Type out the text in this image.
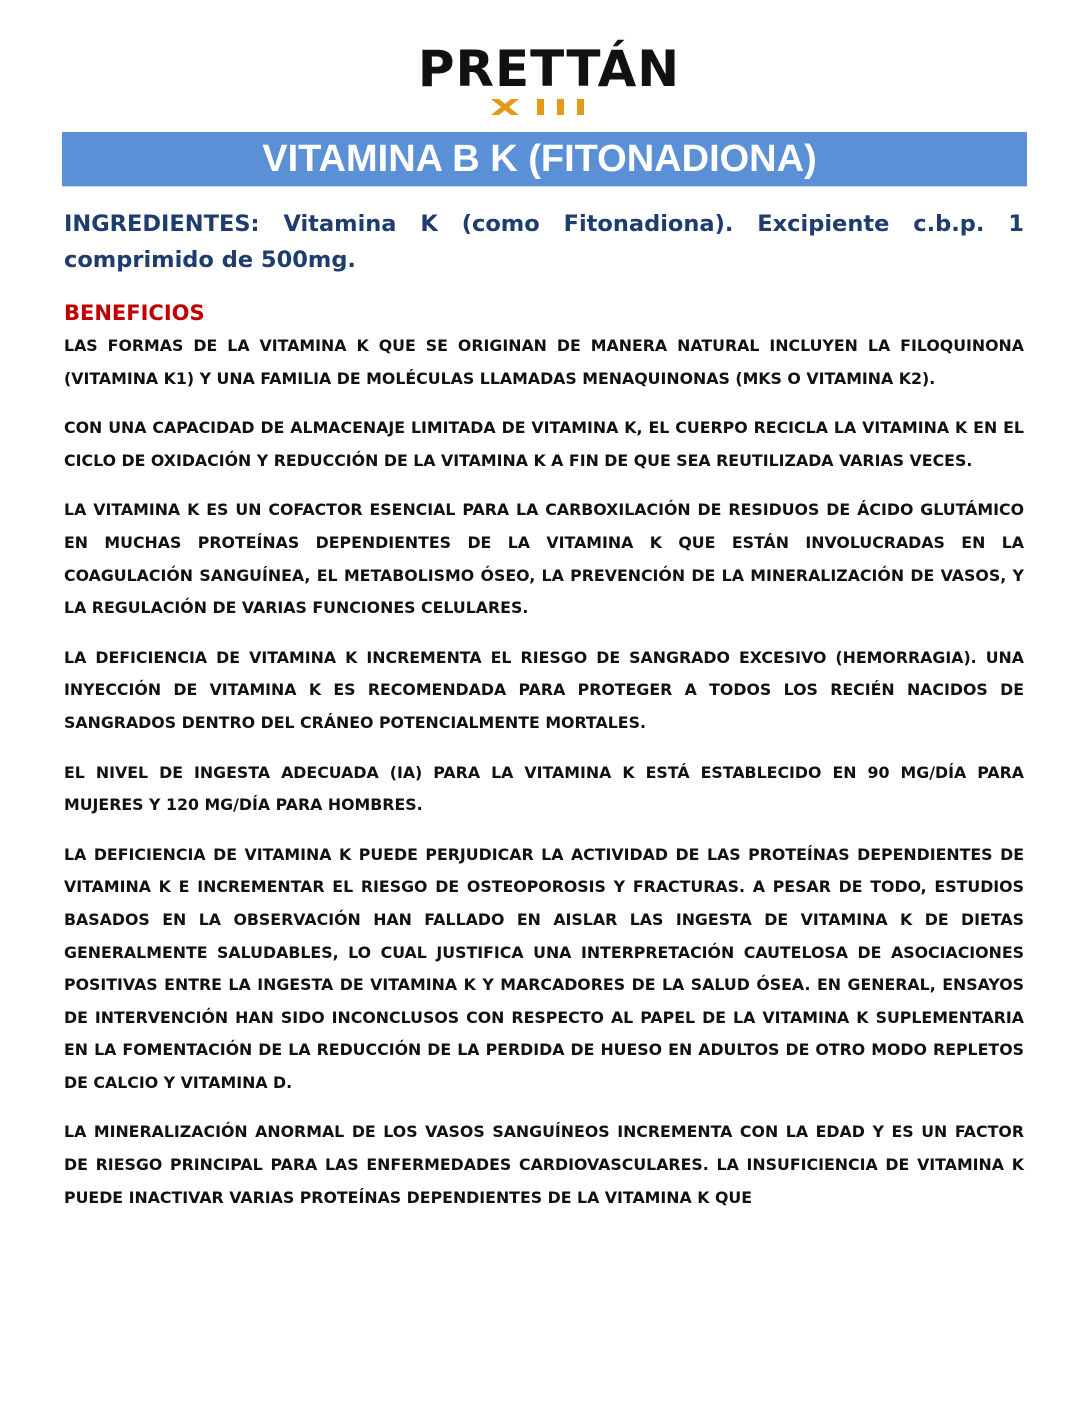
PRETTÁN
VITAMINA B K (FITONADIONA)

INGREDIENTES: Vitamina K (como Fitonadiona). Excipiente c.b.p. 1 comprimido de 500mg.

BENEFICIOS

LAS FORMAS DE LA VITAMINA K QUE SE ORIGINAN DE MANERA NATURAL INCLUYEN LA FILOQUINONA (VITAMINA K1) Y UNA FAMILIA DE MOLÉCULAS LLAMADAS MENAQUINONAS (MKS O VITAMINA K2).

CON UNA CAPACIDAD DE ALMACENAJE LIMITADA DE VITAMINA K, EL CUERPO RECICLA LA VITAMINA K EN EL CICLO DE OXIDACIÓN Y REDUCCIÓN DE LA VITAMINA K A FIN DE QUE SEA REUTILIZADA VARIAS VECES.

LA VITAMINA K ES UN COFACTOR ESENCIAL PARA LA CARBOXILACIÓN DE RESIDUOS DE ÁCIDO GLUTÁMICO EN MUCHAS PROTEÍNAS DEPENDIENTES DE LA VITAMINA K QUE ESTÁN INVOLUCRADAS EN LA COAGULACIÓN SANGUÍNEA, EL METABOLISMO ÓSEO, LA PREVENCIÓN DE LA MINERALIZACIÓN DE VASOS, Y LA REGULACIÓN DE VARIAS FUNCIONES CELULARES.

LA DEFICIENCIA DE VITAMINA K INCREMENTA EL RIESGO DE SANGRADO EXCESIVO (HEMORRAGIA). UNA INYECCIÓN DE VITAMINA K ES RECOMENDADA PARA PROTEGER A TODOS LOS RECIÉN NACIDOS DE SANGRADOS DENTRO DEL CRÁNEO POTENCIALMENTE MORTALES.

EL NIVEL DE INGESTA ADECUADA (IA) PARA LA VITAMINA K ESTÁ ESTABLECIDO EN 90 MG/DÍA PARA MUJERES Y 120 MG/DÍA PARA HOMBRES.

LA DEFICIENCIA DE VITAMINA K PUEDE PERJUDICAR LA ACTIVIDAD DE LAS PROTEÍNAS DEPENDIENTES DE VITAMINA K E INCREMENTAR EL RIESGO DE OSTEOPOROSIS Y FRACTURAS. A PESAR DE TODO, ESTUDIOS BASADOS EN LA OBSERVACIÓN HAN FALLADO EN AISLAR LAS INGESTA DE VITAMINA K DE DIETAS GENERALMENTE SALUDABLES, LO CUAL JUSTIFICA UNA INTERPRETACIÓN CAUTELOSA DE ASOCIACIONES POSITIVAS ENTRE LA INGESTA DE VITAMINA K Y MARCADORES DE LA SALUD ÓSEA. EN GENERAL, ENSAYOS DE INTERVENCIÓN HAN SIDO INCONCLUSOS CON RESPECTO AL PAPEL DE LA VITAMINA K SUPLEMENTARIA EN LA FOMENTACIÓN DE LA REDUCCIÓN DE LA PERDIDA DE HUESO EN ADULTOS DE OTRO MODO REPLETOS DE CALCIO Y VITAMINA D.

LA MINERALIZACIÓN ANORMAL DE LOS VASOS SANGUÍNEOS INCREMENTA CON LA EDAD Y ES UN FACTOR DE RIESGO PRINCIPAL PARA LAS ENFERMEDADES CARDIOVASCULARES. LA INSUFICIENCIA DE VITAMINA K PUEDE INACTIVAR VARIAS PROTEÍNAS DEPENDIENTES DE LA VITAMINA K QUE
